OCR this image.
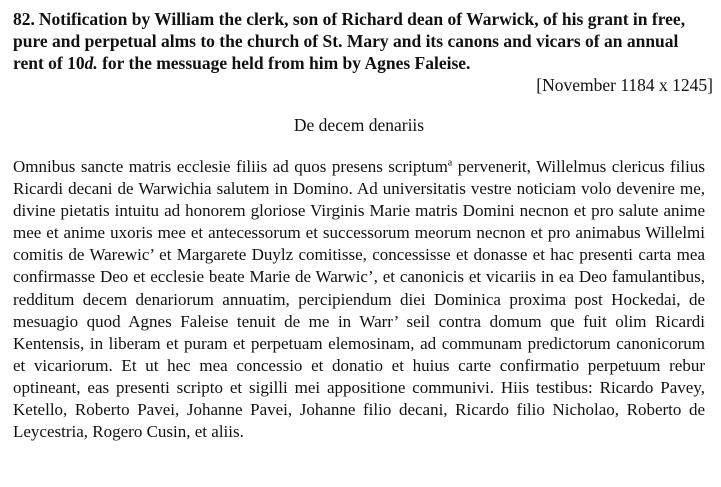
82. Notification by William the clerk, son of Richard dean of Warwick, of his grant in free, pure and perpetual alms to the church of St. Mary and its canons and vicars of an annual rent of 10d. for the messuage held from him by Agnes Faleise.

[November 1184 x 1245]

De decem denariis

Omnibus sancte matris ecclesie filiis ad quos presens scriptum$^a$ pervenerit, Willelmus clericus filius Ricardi decani de Warwichia salutem in Domino. Ad universitatis vestre noticiam volo devenire me, divine pietatis intuitu ad honorem gloriose Virginis Marie matris Domini necnon et pro salute anime mee et anime uxoris mee et antecessorum et successorum meorum necnon et pro animabus Willelmi comitis de Warewic’ et Margarete Duylz comitisse, concessisse et donasse et hac presenti carta mea confirmasse Deo et ecclesie beate Marie de Warwic’, et canonicis et vicariis in ea Deo famulantibus, redditum decem denariorum annuatim, percipiendum diei Dominica proxima post Hockedai, de mesuagio quod Agnes Faleise tenuit de me in Warr’ seil contra domum que fuit olim Ricardi Kentensis, in liberam et puram et perpetuam elemosinam, ad communam predictorum canonicorum et vicariorum. Et ut hec mea concessio et donatio et huius carte confirmatio perpetuum rebur optineant, eas presenti scripto et sigilli mei appositione communivi. Hiis testibus: Ricardo Pavey, Ketello, Roberto Pavei, Johanne Pavei, Johanne filio decani, Ricardo filio Nicholao, Roberto de Leycestria, Rogero Cusin, et aliis.
